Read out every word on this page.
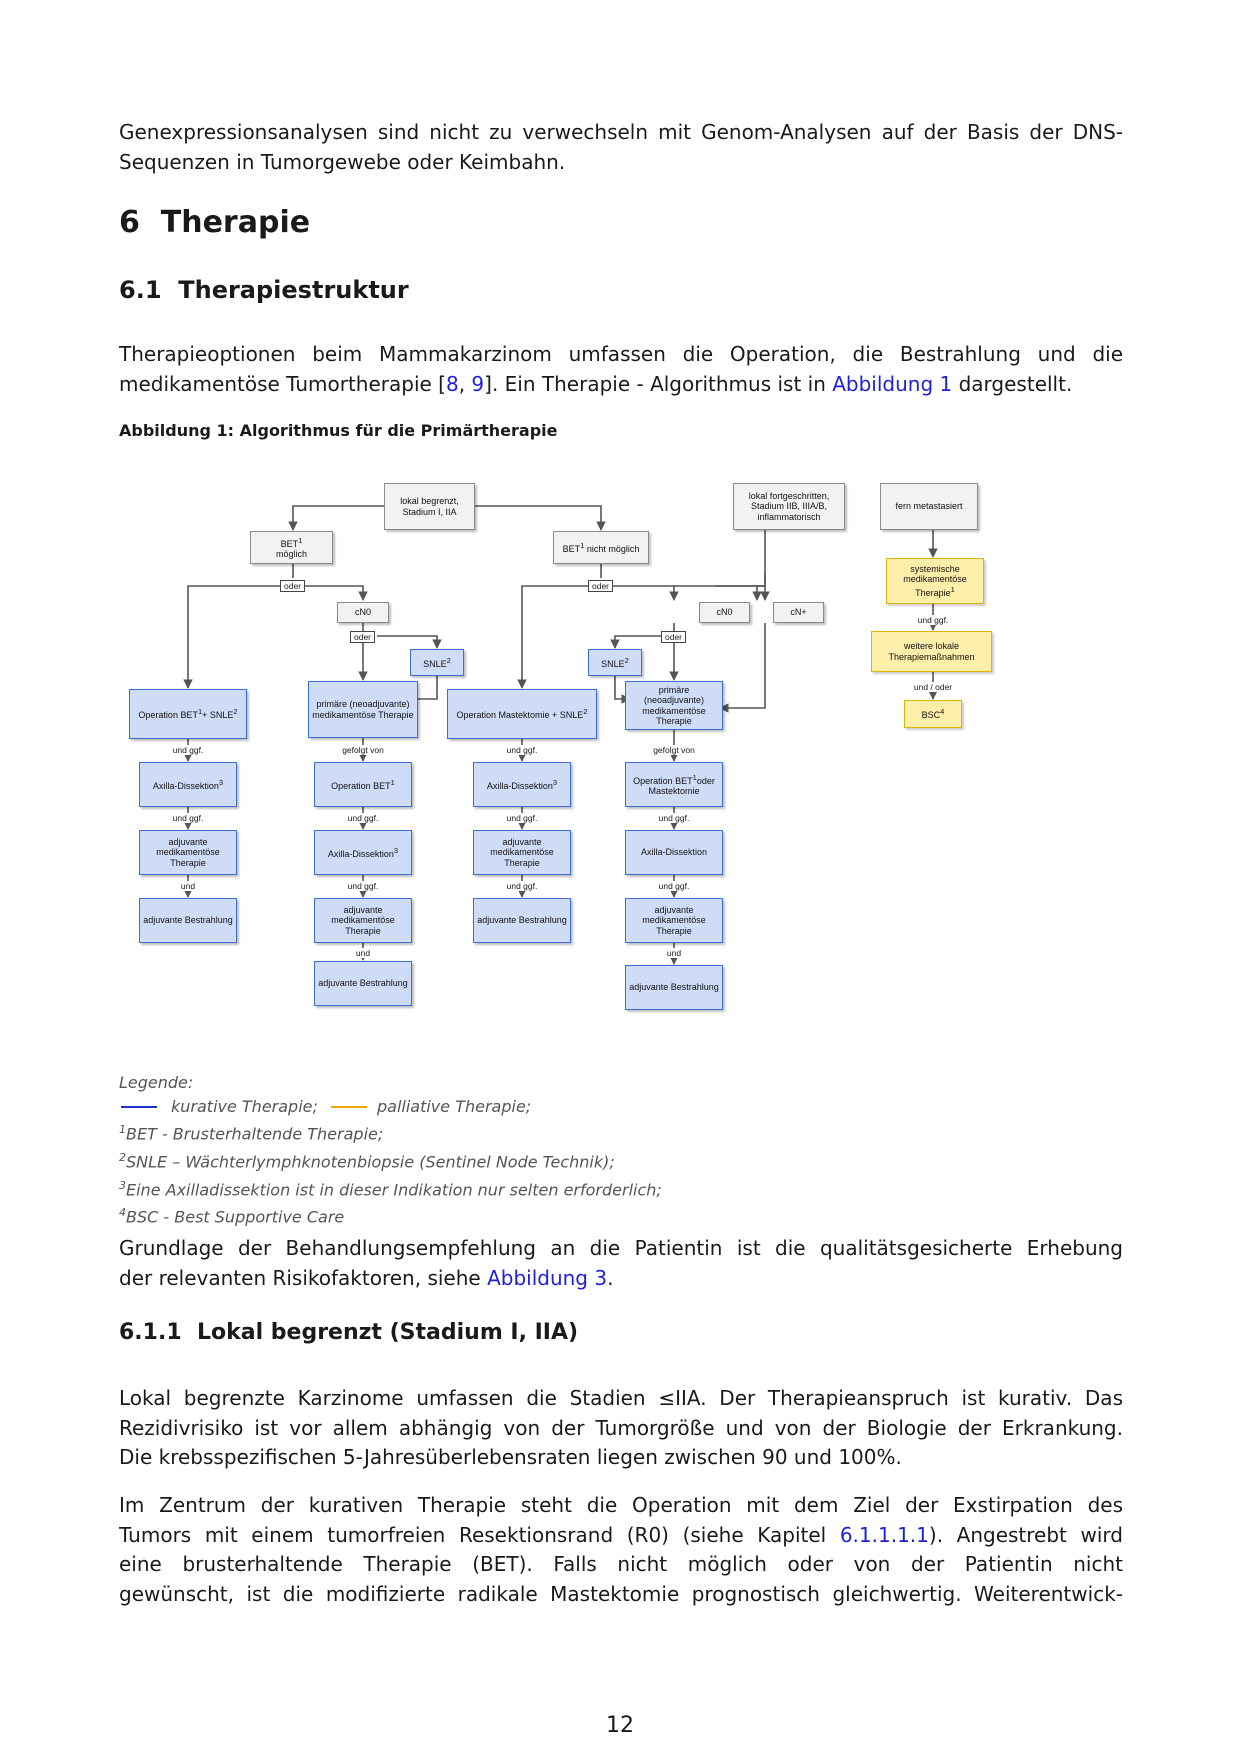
Genexpressionsanalysen sind nicht zu verwechseln mit Genom-Analysen auf der Basis der DNS-
Sequenzen in Tumorgewebe oder Keimbahn.

6 Therapie
6.1 Therapiestruktur

Therapieoptionen beim Mammakarzinom umfassen die Operation, die Bestrahlung und die
medikamentöse Tumortherapie [8, 9]. Ein Therapie - Algorithmus ist in Abbildung 1 dargestellt.

Abbildung 1: Algorithmus für die Primärtherapie
Legende:
kurative Therapie;	palliative Therapie;
$^1$BET - Brusterhaltende Therapie;
$^2$SNLE – Wächterlymphknotenbiopsie (Sentinel Node Technik);
$^3$Eine Axilladissektion ist in dieser Indikation nur selten erforderlich;
$^4$BSC - Best Supportive Care

Grundlage der Behandlungsempfehlung an die Patientin ist die qualitätsgesicherte Erhebung
der relevanten Risikofaktoren, siehe Abbildung 3.

6.1.1 Lokal begrenzt (Stadium I, IIA)

Lokal begrenzte Karzinome umfassen die Stadien ≤IIA. Der Therapieanspruch ist kurativ. Das
Rezidivrisiko ist vor allem abhängig von der Tumorgröße und von der Biologie der Erkrankung.
Die krebsspezifischen 5-Jahresüberlebensraten liegen zwischen 90 und 100%.

Im Zentrum der kurativen Therapie steht die Operation mit dem Ziel der Exstirpation des
Tumors mit einem tumorfreien Resektionsrand (R0) (siehe Kapitel 6.1.1.1.1). Angestrebt wird
eine brusterhaltende Therapie (BET). Falls nicht möglich oder von der Patientin nicht
gewünscht, ist die modifizierte radikale Mastektomie prognostisch gleichwertig. Weiterentwick-

lokal begrenzt, Stadium I, IIA
lokal fortgeschritten, Stadium IIB, IIIA/B, inflammatorisch
fern metastasiert
BET$^1$
möglich
BET$^1$ nicht möglich
oder	oder
cN0	cN0	cN+
oder	oder
SNLE$^2$	SNLE$^2$
Operation $BET^1+$ $SNLE^2$
und ggf.
Axilla-Dissektion$^3$
und ggf.
adjuvante medikamentöse Therapie
und
adjuvante Bestrahlung
primäre (neoadjuvante) medikamentöse Therapie
gefolgt von
Operation BET$^1$
und ggf.
Axilla-Dissektion$^3$
und ggf.
adjuvante medikamentöse Therapie
und
adjuvante Bestrahlung
Operation Mastektomie + $SNLE^2$
und ggf.
Axilla-Dissektion$^3$
und ggf.
adjuvante medikamentöse Therapie
und ggf.
adjuvante Bestrahlung
primäre (neoadjuvante) medikamentöse Therapie
gefolgt von
Operation BET$^1$oder Mastektomie
und ggf.
Axilla-Dissektion
und ggf.
adjuvante medikamentöse Therapie
und
adjuvante Bestrahlung
systemische medikamentöse Therapie$^1$
und ggf.
weitere lokale Therapiemaßnahmen
und / oder
BSC$^4$
12
